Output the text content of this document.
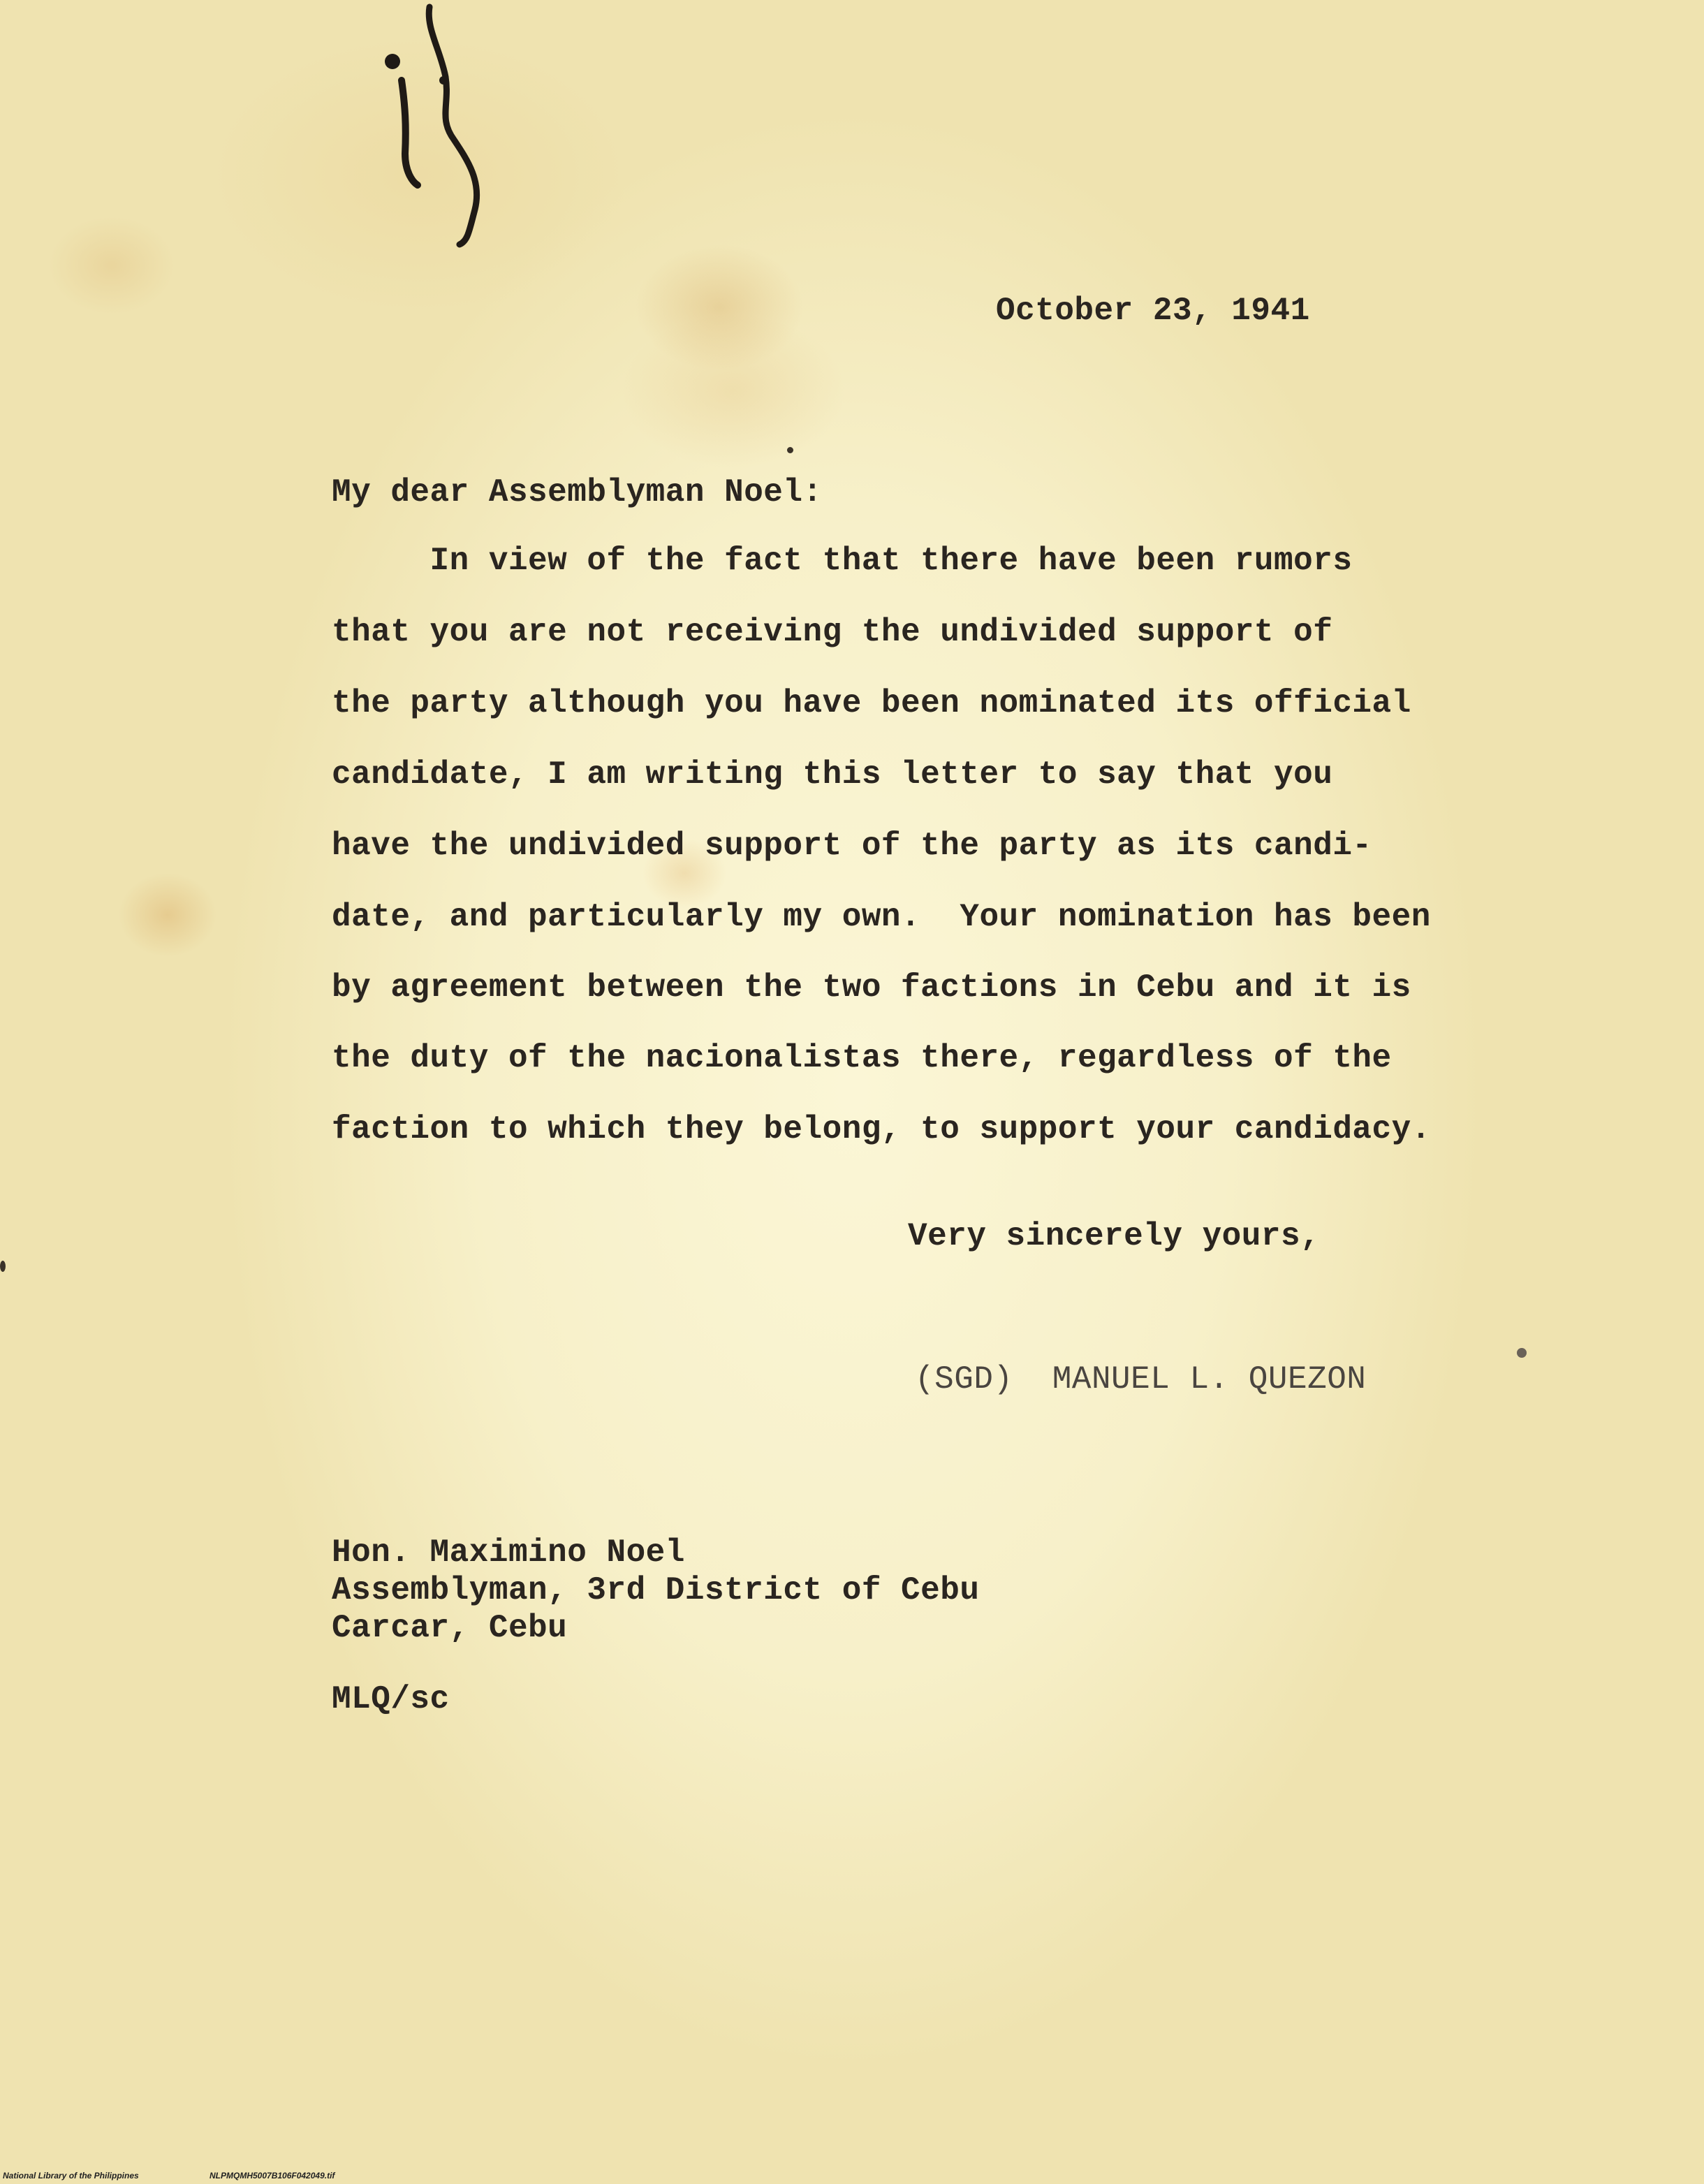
October 23, 1941

My dear Assemblyman Noel:

In view of the fact that there have been rumors

that you are not receiving the undivided support of

the party although you have been nominated its official

candidate, I am writing this letter to say that you

have the undivided support of the party as its candi-

date, and particularly my own.  Your nomination has been

by agreement between the two factions in Cebu and it is

the duty of the nacionalistas there, regardless of the

faction to which they belong, to support your candidacy.

Very sincerely yours,

(SGD)  MANUEL L. QUEZON

Hon. Maximino Noel

Assemblyman, 3rd District of Cebu

Carcar, Cebu

MLQ/sc

National Library of the Philippines	NLPMQMH5007B106F042049.tif
